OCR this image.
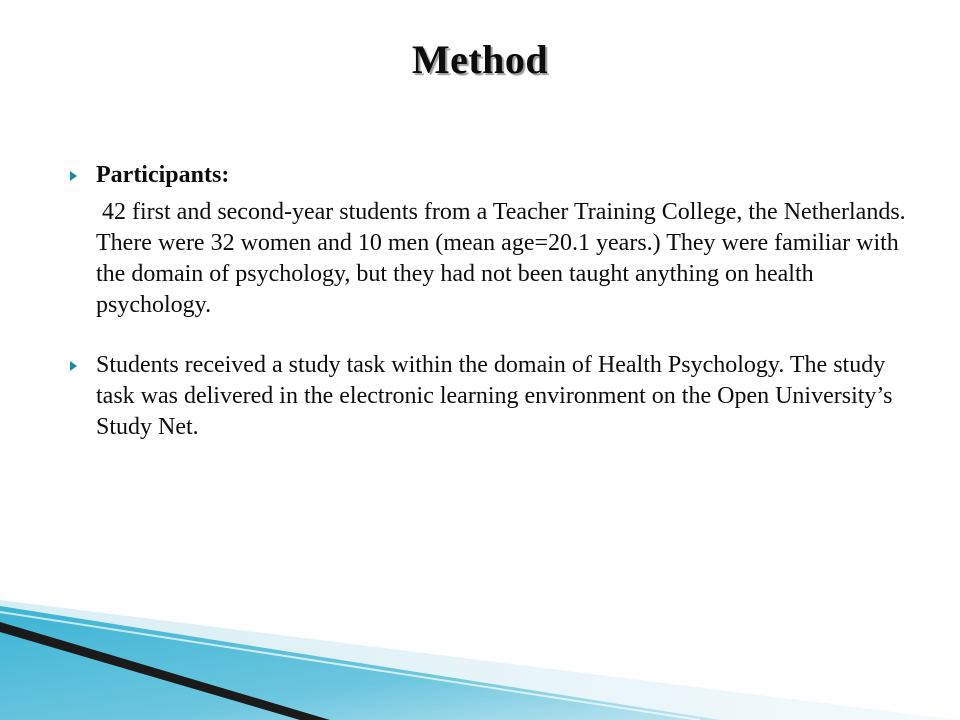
Method
Participants:
42 first and second-year students from a Teacher Training College, the Netherlands. There were 32 women and 10 men (mean age=20.1 years.) They were familiar with the domain of psychology, but they had not been taught anything on health psychology.
Students received a study task within the domain of Health Psychology. The study task was delivered in the electronic learning environment on the Open University’s Study Net.
